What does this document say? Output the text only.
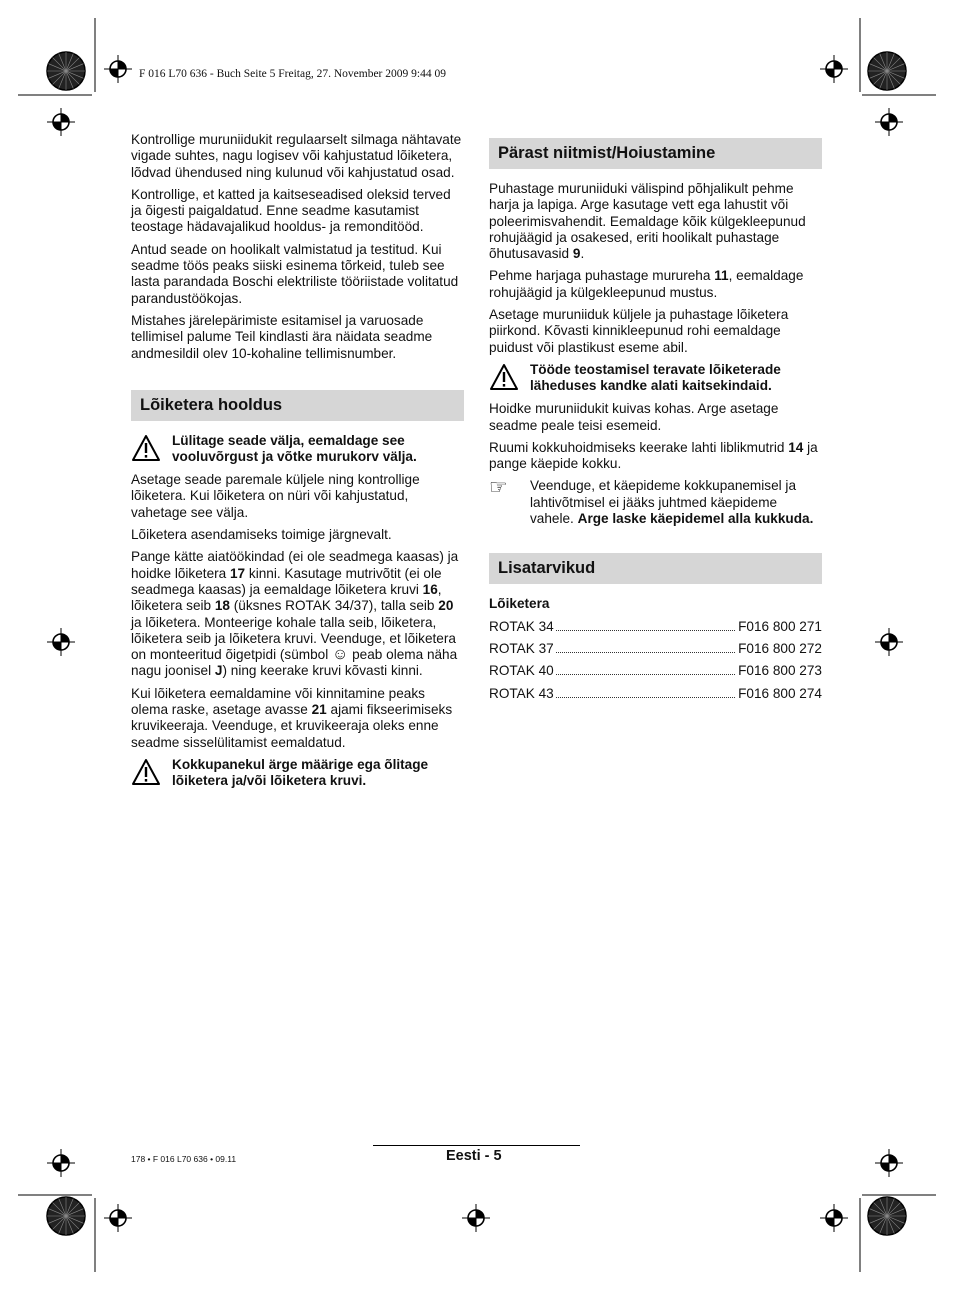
F 016 L70 636 - Buch Seite 5 Freitag, 27. November 2009 9:44 09

Kontrollige muruniidukit regulaarselt silmaga nähtavate vigade suhtes, nagu logisev või kahjustatud lõiketera, lõdvad ühendused ning kulunud või kahjustatud osad.

Kontrollige, et katted ja kaitseseadised oleksid terved ja õigesti paigaldatud. Enne seadme kasutamist teostage hädavajalikud hooldus- ja remonditööd.

Antud seade on hoolikalt valmistatud ja testitud. Kui seadme töös peaks siiski esinema tõrkeid, tuleb see lasta parandada Boschi elektriliste tööriistade volitatud parandustöökojas.

Mistahes järelepärimiste esitamisel ja varuosade tellimisel palume Teil kindlasti ära näidata seadme andmesildil olev 10-kohaline tellimisnumber.

Lõiketera hooldus
Lülitage seade välja, eemaldage see vooluvõrgust ja võtke murukorv välja.

Asetage seade paremale küljele ning kontrollige lõiketera. Kui lõiketera on nüri või kahjustatud, vahetage see välja.

Lõiketera asendamiseks toimige järgnevalt.

Pange kätte aiatöökindad (ei ole seadmega kaasas) ja hoidke lõiketera 17 kinni. Kasutage mutrivõtit (ei ole seadmega kaasas) ja eemaldage lõiketera kruvi 16, lõiketera seib 18 (üksnes ROTAK 34/37), talla seib 20 ja lõiketera. Monteerige kohale talla seib, lõiketera, lõiketera seib ja lõiketera kruvi. Veenduge, et lõiketera on monteeritud õigetpidi (sümbol ☺ peab olema näha nagu joonisel J) ning keerake kruvi kõvasti kinni.

Kui lõiketera eemaldamine või kinnitamine peaks olema raske, asetage avasse 21 ajami fikseerimiseks kruvikeeraja. Veenduge, et kruvikeeraja oleks enne seadme sisselülitamist eemaldatud.

Kokkupanekul ärge määrige ega õlitage lõiketera ja/või lõiketera kruvi.
Pärast niitmist/Hoiustamine

Puhastage muruniiduki välispind põhjalikult pehme harja ja lapiga. Arge kasutage vett ega lahustit või poleerimisvahendit. Eemaldage kõik külgekleepunud rohujäägid ja osakesed, eriti hoolikalt puhastage õhutusavasid 9.

Pehme harjaga puhastage murureha 11, eemaldage rohujäägid ja külgekleepunud mustus.

Asetage muruniiduk küljele ja puhastage lõiketera piirkond. Kõvasti kinnikleepunud rohi eemaldage puidust või plastikust eseme abil.

Tööde teostamisel teravate lõiketerade läheduses kandke alati kaitsekindaid.

Hoidke muruniidukit kuivas kohas. Arge asetage seadme peale teisi esemeid.

Ruumi kokkuhoidmiseks keerake lahti liblikmutrid 14 ja pange käepide kokku.

☞	Veenduge, et käepideme kokkupanemisel ja lahtivõtmisel ei jääks juhtmed käepideme vahele. Arge laske käepidemel alla kukkuda.
Lisatarvikud
Lõiketera
ROTAK 34	F016 800 271
ROTAK 37	F016 800 272
ROTAK 40	F016 800 273
ROTAK 43	F016 800 274
178 • F 016 L70 636 • 09.11	Eesti - 5
